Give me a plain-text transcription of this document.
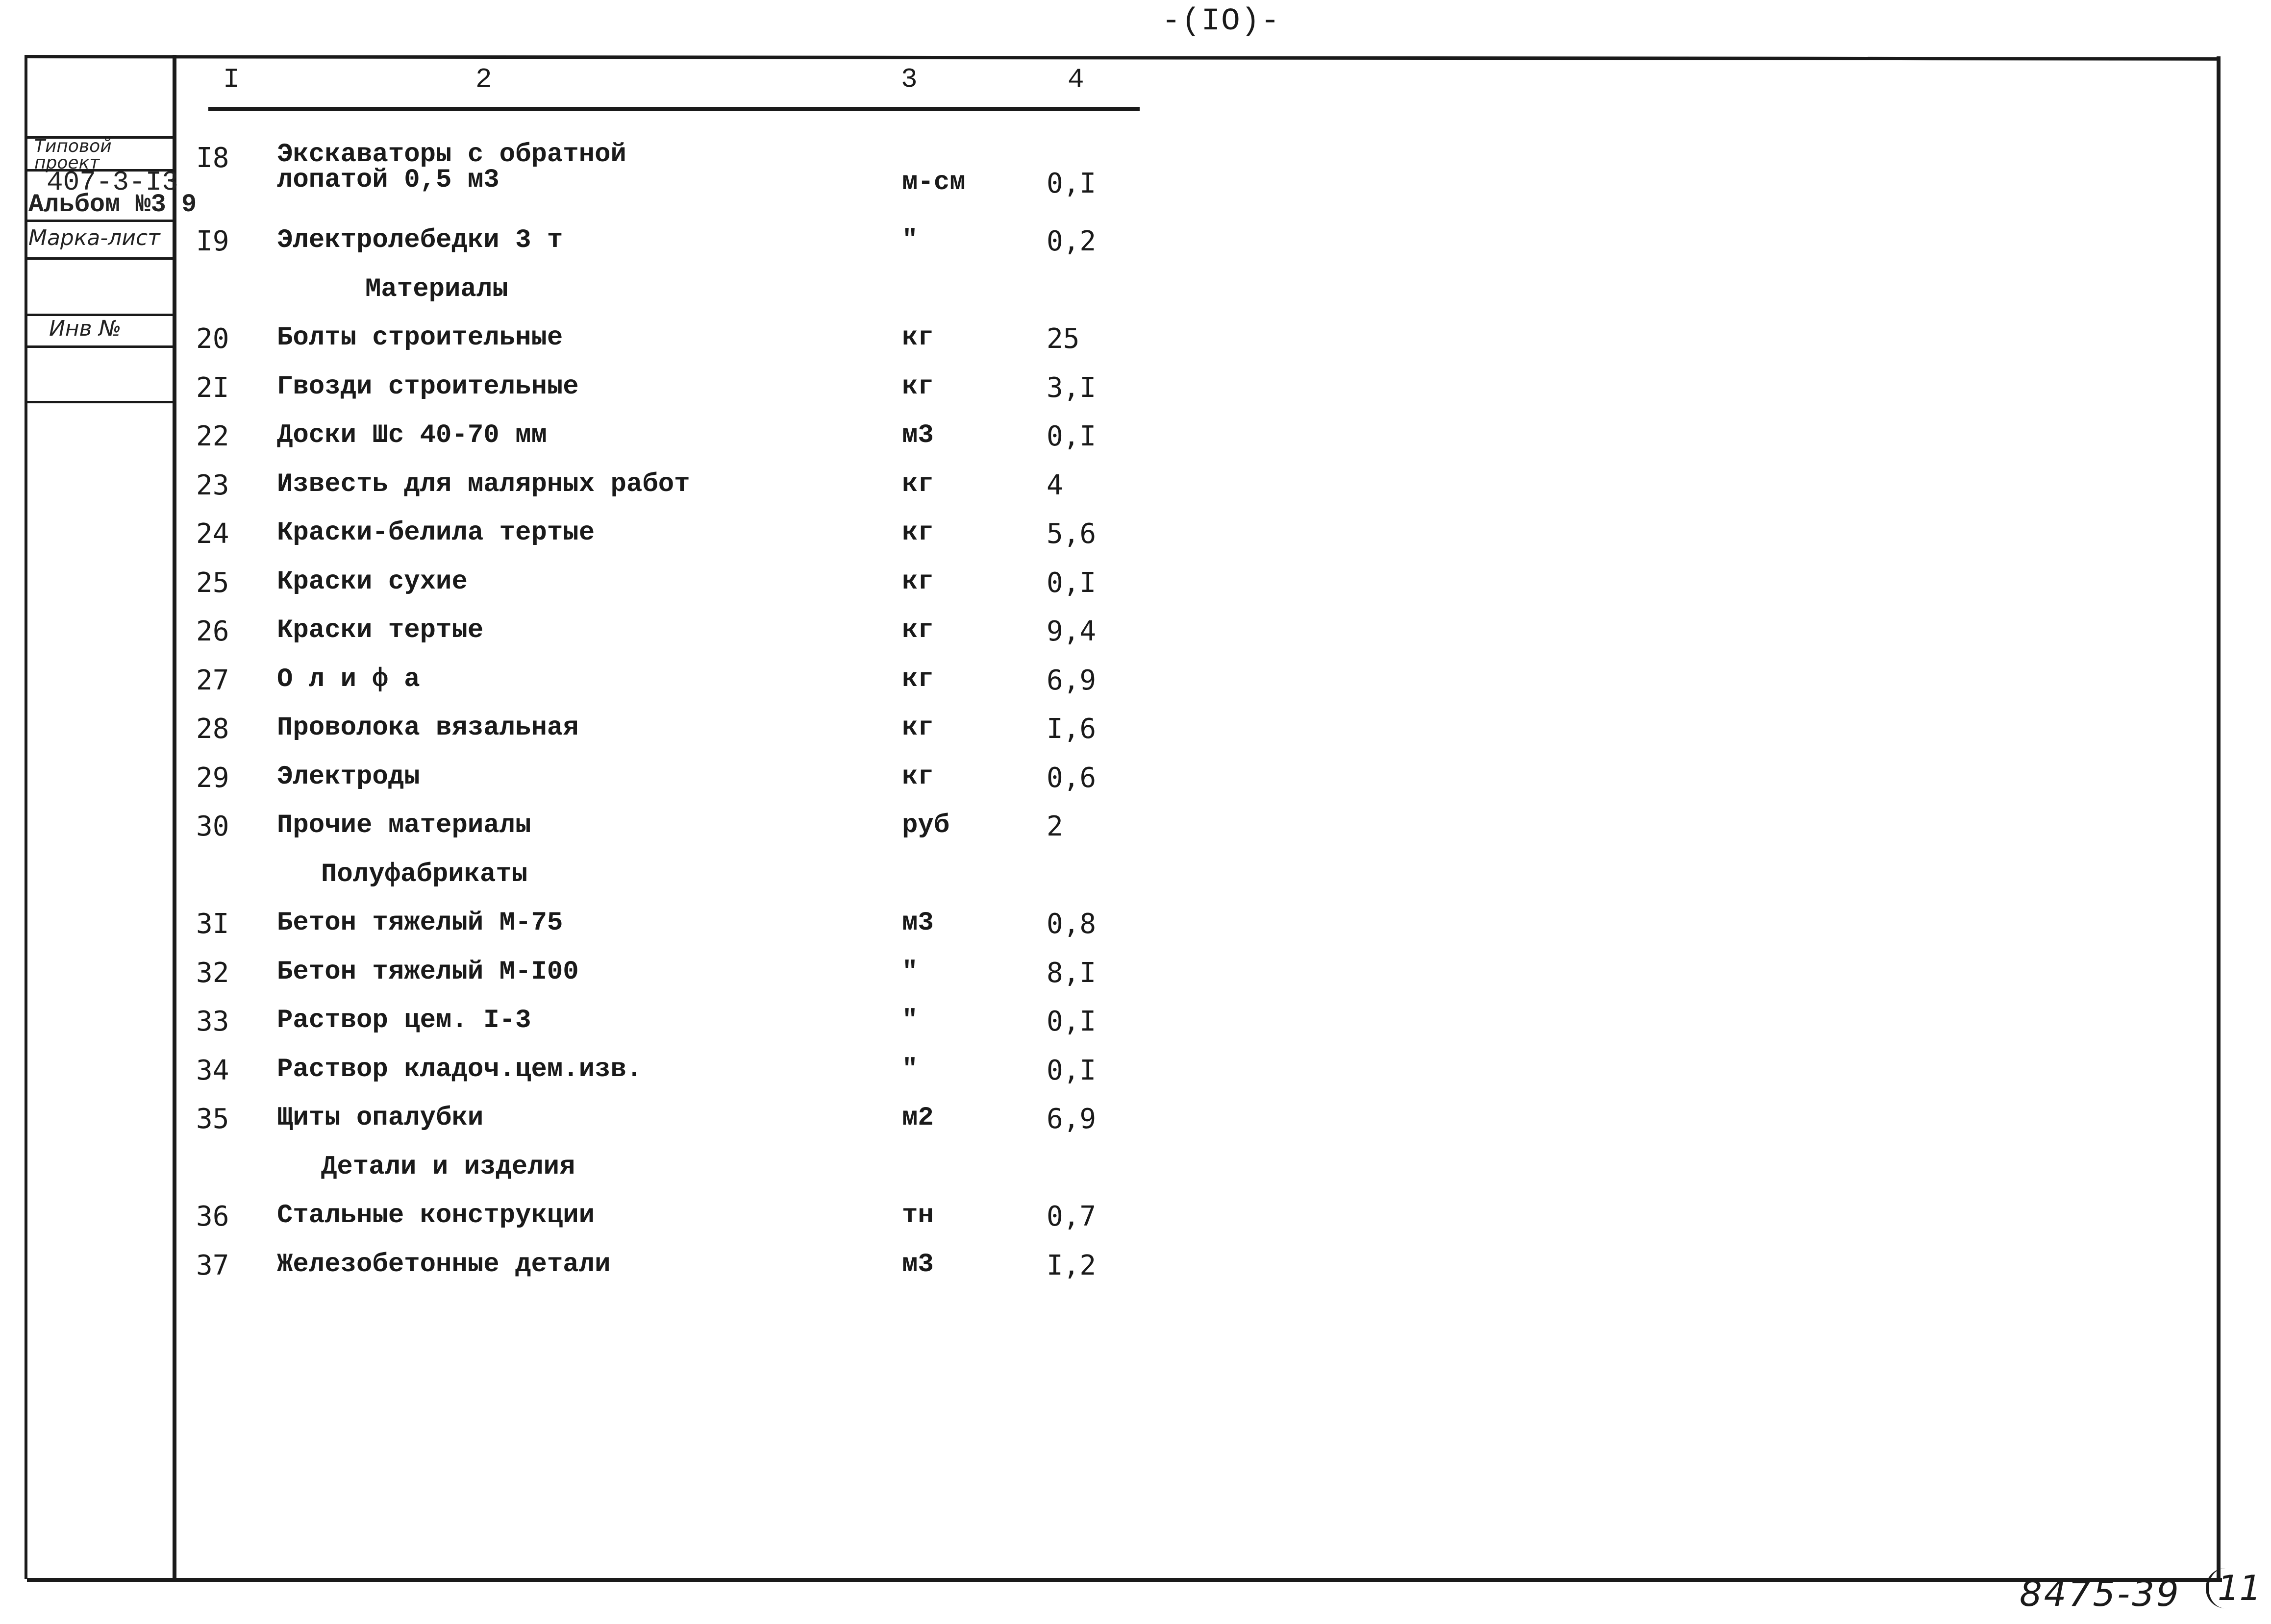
-(IO)-
Типовой проект
407-3-I3
Альбом №3 9
Марка-лист
Инв №
I	2	3	4
I8	Экскаваторы с обратной
лопатой 0,5 м3	м-см	0,I
I9	Электролебедки 3 т	"	0,2
Материалы
20	Болты строительные	кг	25
2I	Гвозди строительные	кг	3,I
22	Доски Шс 40-70 мм	м3	0,I
23	Известь для малярных работ	кг	4
24	Краски-белила тертые	кг	5,6
25	Краски сухие	кг	0,I
26	Краски тертые	кг	9,4
27	О л и ф а	кг	6,9
28	Проволока вязальная	кг	I,6
29	Электроды	кг	0,6
30	Прочие материалы	руб	2
Полуфабрикаты
3I	Бетон тяжелый М-75	м3	0,8
32	Бетон тяжелый М-I00	"	8,I
33	Раствор цем. I-3	"	0,I
34	Раствор кладоч.цем.изв.	"	0,I
35	Щиты опалубки	м2	6,9
Детали и изделия
36	Стальные конструкции	тн	0,7
37	Железобетонные детали	м3	I,2
8475-39	11
